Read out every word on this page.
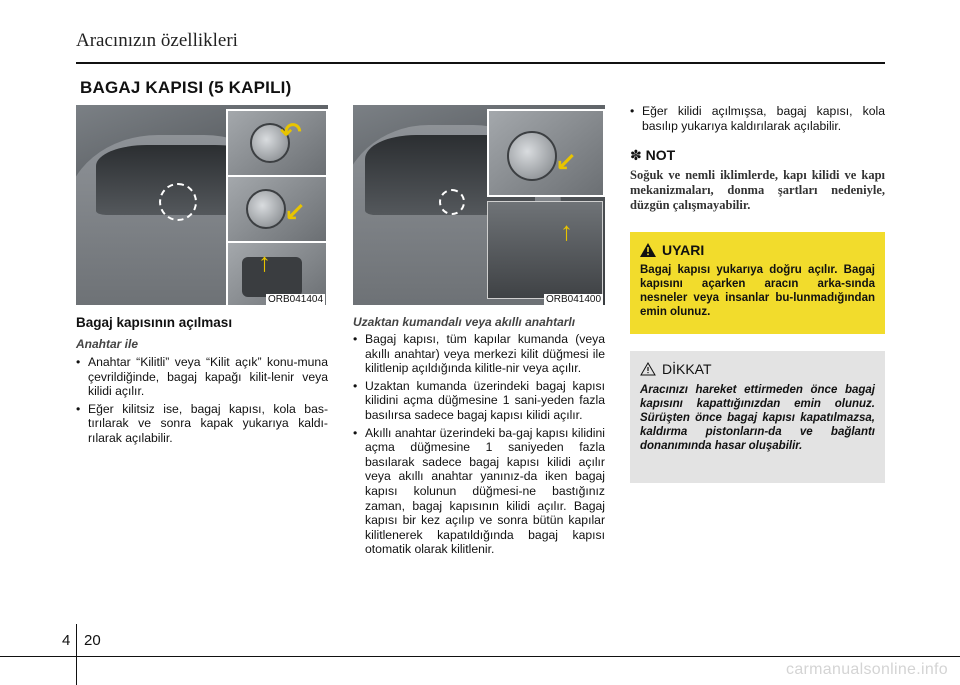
Aracınızın özellikleri
BAGAJ KAPISI (5 KAPILI)
↶
↙
↑
ORB041404
↙
↑
ORB041400
Bagaj kapısının açılması
Anahtar ile
• Anahtar “Kilitli” veya “Kilit açık” konu-muna çevrildiğinde, bagaj kapağı kilit-lenir veya kilidi açılır.
• Eğer kilitsiz ise, bagaj kapısı, kola bas-tırılarak ve sonra kapak yukarıya kaldı-rılarak açılabilir.
Uzaktan kumandalı veya akıllı anahtarlı
• Bagaj kapısı, tüm kapılar kumanda (veya akıllı anahtar) veya merkezi kilit düğmesi ile kilitlenip açıldığında kilitle-nir veya açılır.
• Uzaktan kumanda üzerindeki bagaj kapısı kilidini açma düğmesine 1 sani-yeden fazla basılırsa sadece bagaj kapısı kilidi açılır.
• Akıllı anahtar üzerindeki ba-gaj kapısı kilidini açma düğmesine 1 saniyeden fazla basılarak sadece bagaj kapısı kilidi açılır veya akıllı anahtar yanınız-da iken bagaj kapısı kolunun düğmesi-ne bastığınız zaman, bagaj kapısının kilidi açılır. Bagaj kapısı bir kez açılıp ve sonra bütün kapılar kilitlenerek kapatıldığında bagaj kapısı otomatik olarak kilitlenir.
• Eğer kilidi açılmışsa, bagaj kapısı, kola basılıp yukarıya kaldırılarak açılabilir.
✽ NOT
Soğuk ve nemli iklimlerde, kapı kilidi ve kapı mekanizmaları, donma şartları nedeniyle, düzgün çalışmayabilir.
UYARI
Bagaj kapısı yukarıya doğru açılır. Bagaj kapısını açarken aracın arka-sında nesneler veya insanlar bu-lunmadığından emin olunuz.
DİKKAT
Aracınızı hareket ettirmeden önce bagaj kapısını kapattığınızdan emin olunuz. Sürüşten önce bagaj kapısı kapatılmazsa, kaldırma pistonların-da ve bağlantı donanımında hasar oluşabilir.
4 20
carmanualsonline.info
